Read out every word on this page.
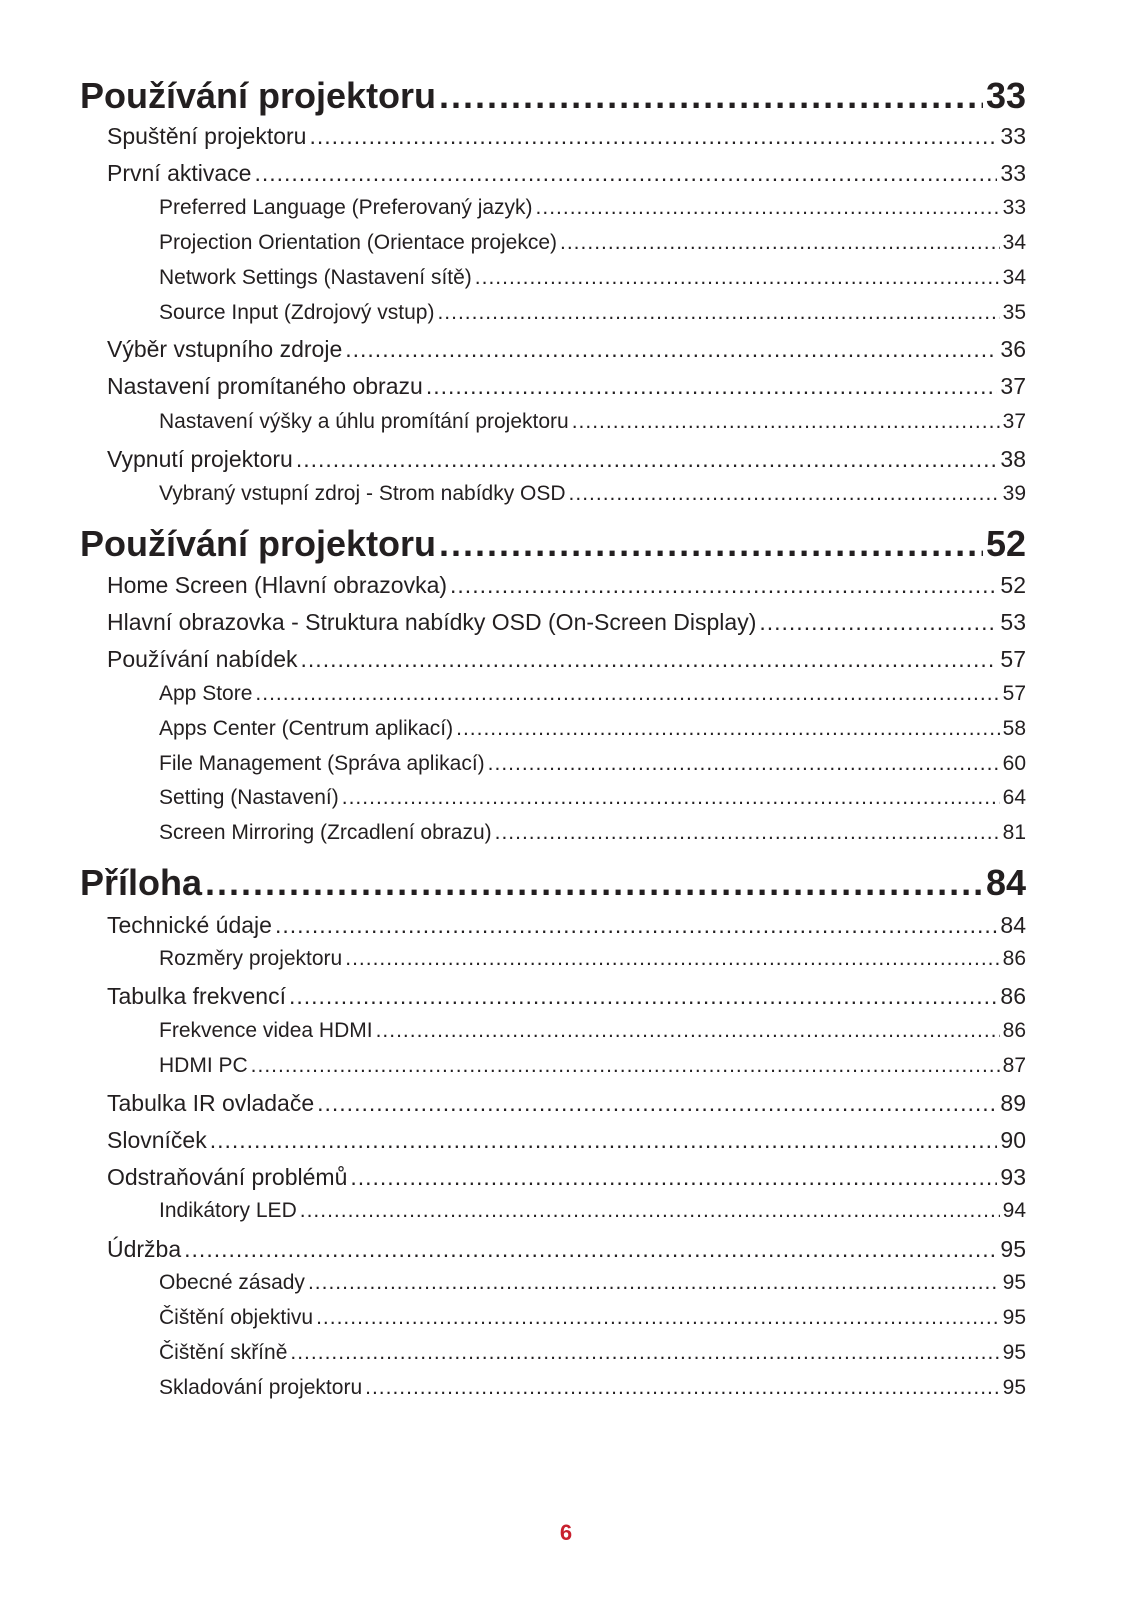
Používání projektoru .....	33
Spuštění projektoru .....	33
První aktivace .....	33
Preferred Language (Preferovaný jazyk) .....	33
Projection Orientation (Orientace projekce) .....	34
Network Settings (Nastavení sítě) .....	34
Source Input (Zdrojový vstup) .....	35
Výběr vstupního zdroje .....	36
Nastavení promítaného obrazu .....	37
Nastavení výšky a úhlu promítání projektoru .....	37
Vypnutí projektoru .....	38
Vybraný vstupní zdroj - Strom nabídky OSD .....	39
Používání projektoru .....	52
Home Screen (Hlavní obrazovka) .....	52
Hlavní obrazovka - Struktura nabídky OSD (On-Screen Display) .....	53
Používání nabídek .....	57
App Store .....	57
Apps Center (Centrum aplikací) .....	58
File Management (Správa aplikací) .....	60
Setting (Nastavení) .....	64
Screen Mirroring (Zrcadlení obrazu) .....	81
Příloha .....	84
Technické údaje .....	84
Rozměry projektoru .....	86
Tabulka frekvencí .....	86
Frekvence videa HDMI .....	86
HDMI PC .....	87
Tabulka IR ovladače .....	89
Slovníček .....	90
Odstraňování problémů .....	93
Indikátory LED .....	94
Údržba .....	95
Obecné zásady .....	95
Čištění objektivu .....	95
Čištění skříně .....	95
Skladování projektoru .....	95
6
